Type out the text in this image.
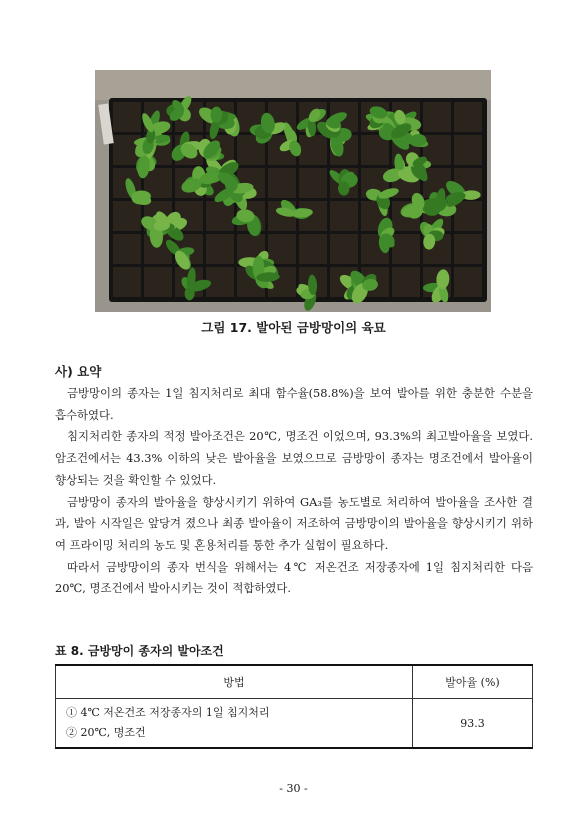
그림 17. 발아된 금방망이의 육묘
사) 요약

금방망이의 종자는 1일 침지처리로 최대 함수율(58.8%)을 보여 발아를 위한 충분한 수분을 흡수하였다.

침지처리한 종자의 적정 발아조건은 20℃, 명조건 이었으며, 93.3%의 최고발아율을 보였다. 암조건에서는 43.3% 이하의 낮은 발아율을 보였으므로 금방망이 종자는 명조건에서 발아율이 향상되는 것을 확인할 수 있었다.

금방망이 종자의 발아율을 향상시키기 위하여 GA₃를 농도별로 처리하여 발아율을 조사한 결과, 발아 시작일은 앞당겨 졌으나 최종 발아율이 저조하여 금방망이의 발아율을 향상시키기 위하여 프라이밍 처리의 농도 및 혼용처리를 통한 추가 실험이 필요하다.

따라서 금방망이의 종자 번식을 위해서는 4℃ 저온건조 저장종자에 1일 침지처리한 다음 20℃, 명조건에서 발아시키는 것이 적합하였다.

표 8. 금방망이 종자의 발아조건
방법	발아율 (%)

① 4℃ 저온건조 저장종자의 1일 침지처리
② 20℃, 명조건	93.3
- 30 -
